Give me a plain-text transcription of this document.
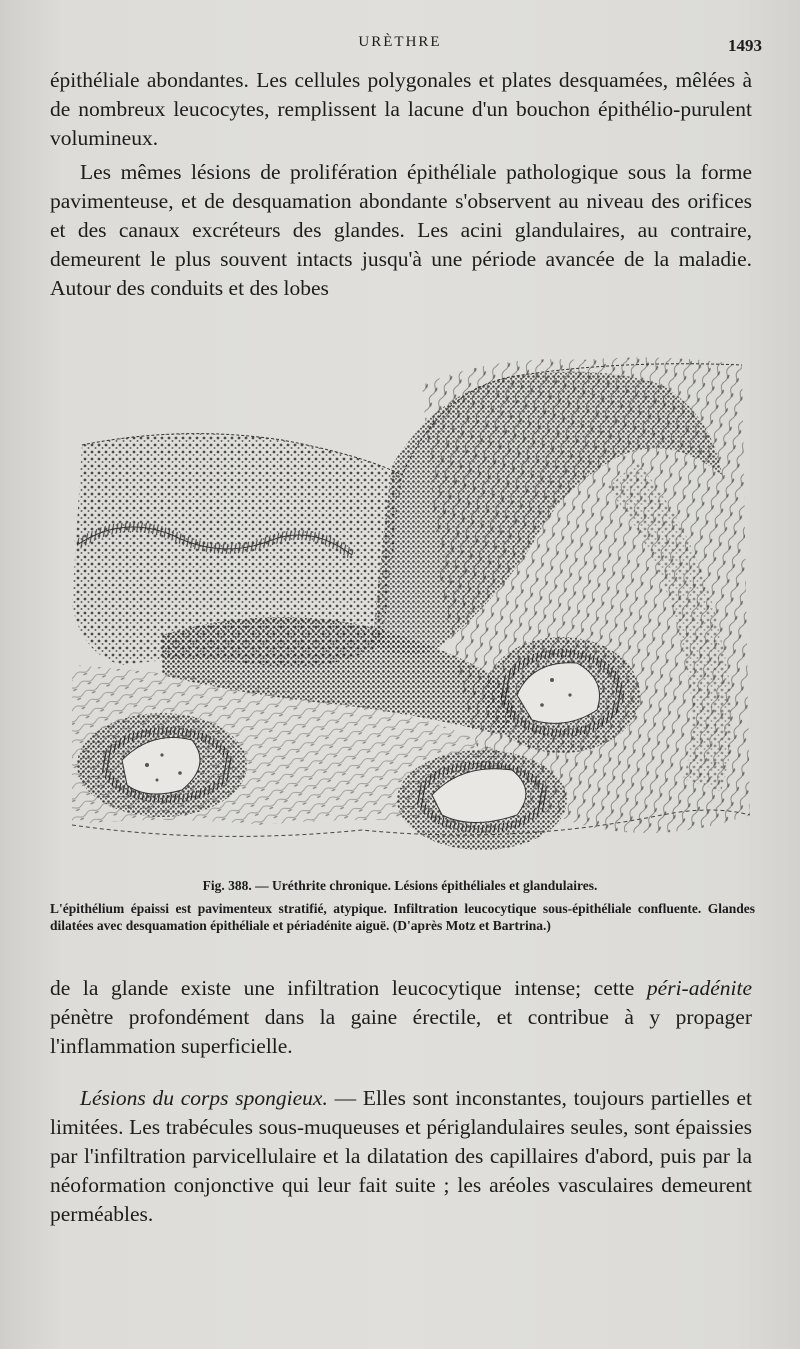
URÈTHRE	1493

épithéliale abondantes. Les cellules polygonales et plates desquamées, mêlées à de nombreux leucocytes, remplissent la lacune d'un bouchon épithélio-purulent volumineux.

Les mêmes lésions de prolifération épithéliale pathologique sous la forme pavimenteuse, et de desquamation abondante s'observent au niveau des orifices et des canaux excréteurs des glandes. Les acini glandulaires, au contraire, demeurent le plus souvent intacts jusqu'à une période avancée de la maladie. Autour des conduits et des lobes

Fig. 388. — Uréthrite chronique. Lésions épithéliales et glandulaires.
L'épithélium épaissi est pavimenteux stratifié, atypique. Infiltration leucocytique sous-épithéliale confluente. Glandes dilatées avec desquamation épithéliale et périadénite aiguë. (D'après Motz et Bartrina.)

de la glande existe une infiltration leucocytique intense; cette péri-adénite pénètre profondément dans la gaine érectile, et contribue à y propager l'inflammation superficielle.

Lésions du corps spongieux. — Elles sont inconstantes, toujours partielles et limitées. Les trabécules sous-muqueuses et périglandulaires seules, sont épaissies par l'infiltration parvicellulaire et la dilatation des capillaires d'abord, puis par la néoformation conjonctive qui leur fait suite ; les aréoles vasculaires demeurent perméables.
